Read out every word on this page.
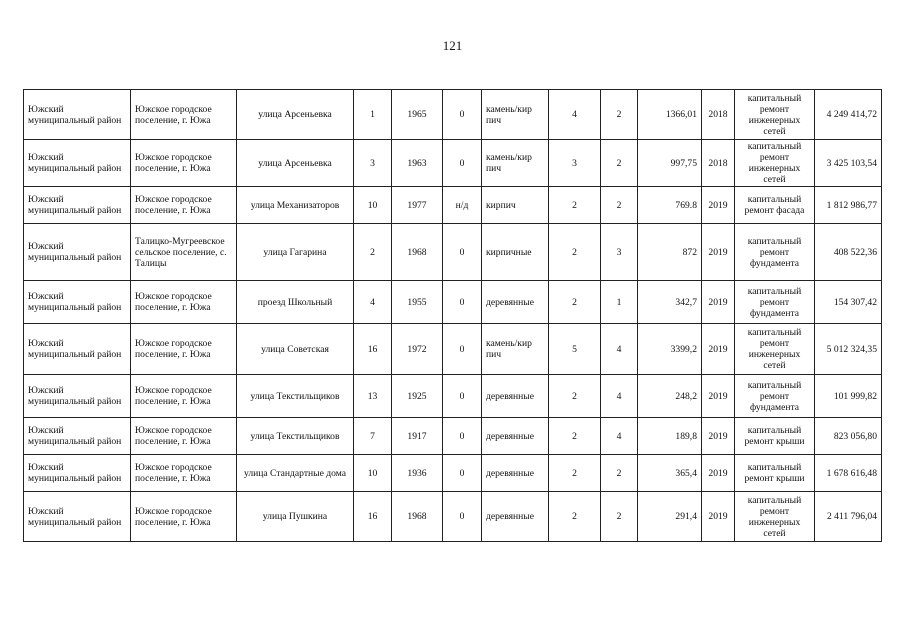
121
Южский муниципальный район	Южское городское поселение, г. Южа	улица Арсеньевка	1	1965	0	камень/кир пич	4	2	1366,01	2018	капитальный ремонт инженерных сетей	4 249 414,72
Южский муниципальный район	Южское городское поселение, г. Южа	улица Арсеньевка	3	1963	0	камень/кир пич	3	2	997,75	2018	капитальный ремонт инженерных сетей	3 425 103,54
Южский муниципальный район	Южское городское поселение, г. Южа	улица Механизаторов	10	1977	н/д	кирпич	2	2	769.8	2019	капитальный ремонт фасада	1 812 986,77
Южский муниципальный район	Талицко-Мугреевское сельское поселение, с. Талицы	улица Гагарина	2	1968	0	кирпичные	2	3	872	2019	капитальный ремонт фундамента	408 522,36
Южский муниципальный район	Южское городское поселение, г. Южа	проезд Школьный	4	1955	0	деревянные	2	1	342,7	2019	капитальный ремонт фундамента	154 307,42
Южский муниципальный район	Южское городское поселение, г. Южа	улица Советская	16	1972	0	камень/кир пич	5	4	3399,2	2019	капитальный ремонт инженерных сетей	5 012 324,35
Южский муниципальный район	Южское городское поселение, г. Южа	улица Текстильщиков	13	1925	0	деревянные	2	4	248,2	2019	капитальный ремонт фундамента	101 999,82
Южский муниципальный район	Южское городское поселение, г. Южа	улица Текстильщиков	7	1917	0	деревянные	2	4	189,8	2019	капитальный ремонт крыши	823 056,80
Южский муниципальный район	Южское городское поселение, г. Южа	улица Стандартные дома	10	1936	0	деревянные	2	2	365,4	2019	капитальный ремонт крыши	1 678 616,48
Южский муниципальный район	Южское городское поселение, г. Южа	улица Пушкина	16	1968	0	деревянные	2	2	291,4	2019	капитальный ремонт инженерных сетей	2 411 796,04
